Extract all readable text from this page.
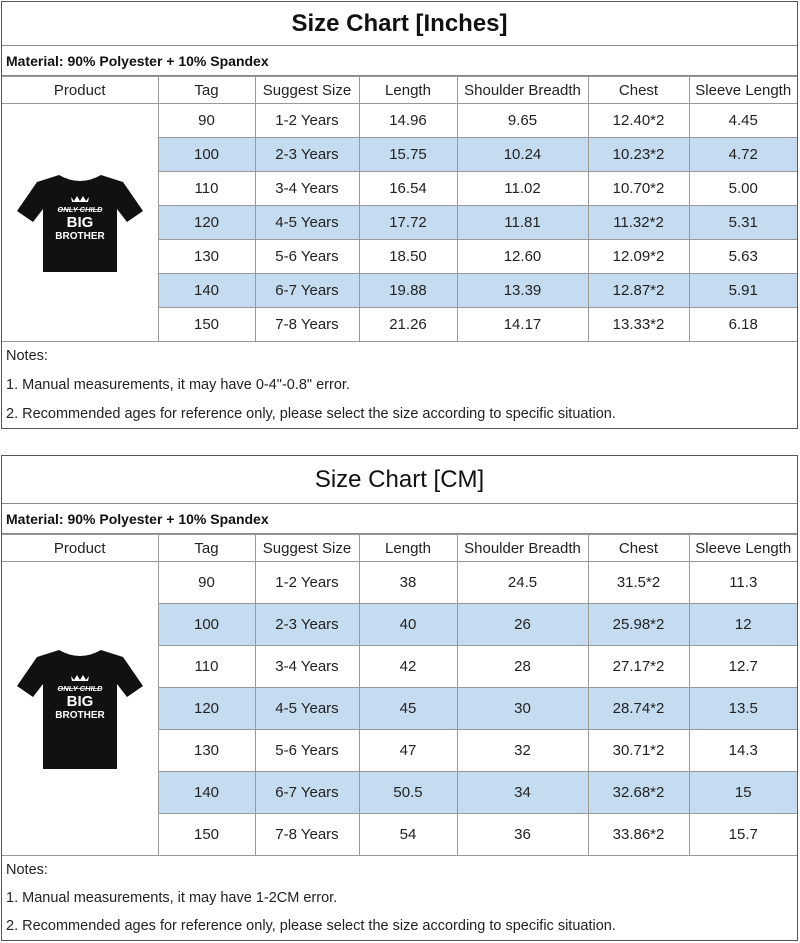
Size Chart [Inches]
Material: 90% Polyester + 10% Spandex
Product	Tag	Suggest Size	Length	Shoulder Breadth	Chest	Sleeve Length

ONLY CHILD
BIG
BROTHER	90	1-2 Years	14.96	9.65	12.40*2	4.45
	100	2-3 Years	15.75	10.24	10.23*2	4.72
	110	3-4 Years	16.54	11.02	10.70*2	5.00
	120	4-5 Years	17.72	11.81	11.32*2	5.31
	130	5-6 Years	18.50	12.60	12.09*2	5.63
	140	6-7 Years	19.88	13.39	12.87*2	5.91
	150	7-8 Years	21.26	14.17	13.33*2	6.18
Notes:
1. Manual measurements, it may have 0-4"-0.8" error.
2. Recommended ages for reference only, please select the size according to specific situation.
Size Chart [CM]
Material: 90% Polyester + 10% Spandex
Product	Tag	Suggest Size	Length	Shoulder Breadth	Chest	Sleeve Length

ONLY CHILD
BIG
BROTHER	90	1-2 Years	38	24.5	31.5*2	11.3
	100	2-3 Years	40	26	25.98*2	12
	110	3-4 Years	42	28	27.17*2	12.7
	120	4-5 Years	45	30	28.74*2	13.5
	130	5-6 Years	47	32	30.71*2	14.3
	140	6-7 Years	50.5	34	32.68*2	15
	150	7-8 Years	54	36	33.86*2	15.7
Notes:
1. Manual measurements, it may have 1-2CM error.
2. Recommended ages for reference only, please select the size according to specific situation.
